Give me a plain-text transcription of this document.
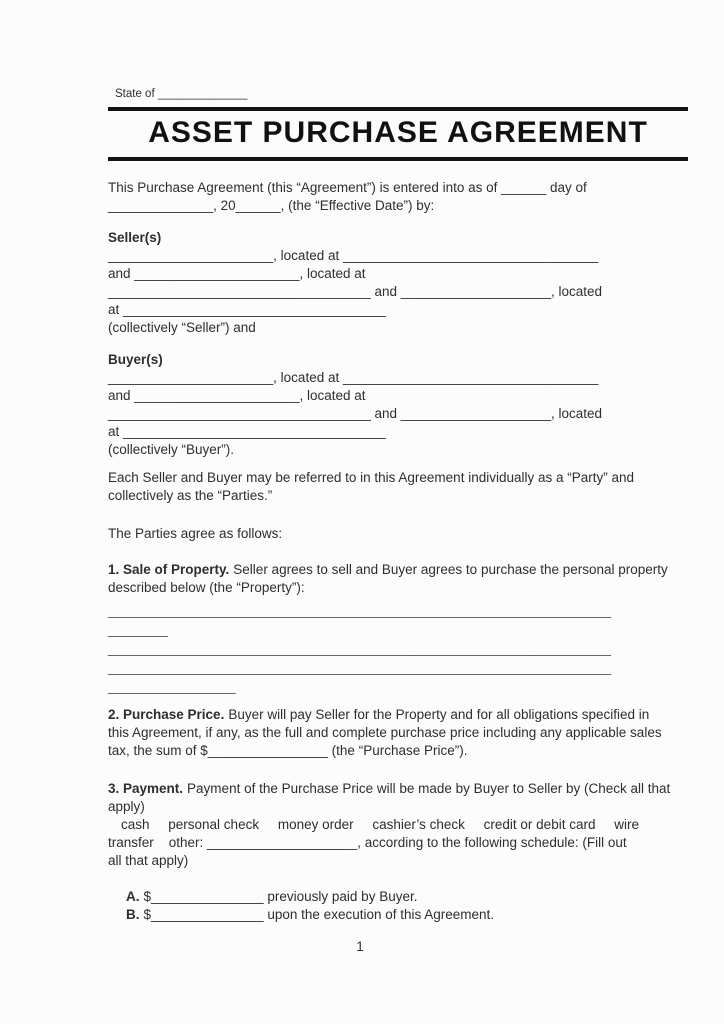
State of ______________
ASSET PURCHASE AGREEMENT
This Purchase Agreement (this “Agreement”) is entered into as of ______ day of
______________, 20______, (the “Effective Date”) by:
Seller(s)
______________________, located at __________________________________
and ______________________, located at
___________________________________ and ____________________, located
at ___________________________________
(collectively “Seller”) and
Buyer(s)
______________________, located at __________________________________
and ______________________, located at
___________________________________ and ____________________, located
at ___________________________________
(collectively “Buyer”).
Each Seller and Buyer may be referred to in this Agreement individually as a “Party” and
collectively as the “Parties.”
The Parties agree as follows:
1. Sale of Property. Seller agrees to sell and Buyer agrees to purchase the personal property
described below (the “Property”):
___________________________________________________________________
________
___________________________________________________________________
___________________________________________________________________
_________________
2. Purchase Price. Buyer will pay Seller for the Property and for all obligations specified in
this Agreement, if any, as the full and complete purchase price including any applicable sales
tax, the sum of $________________ (the “Purchase Price”).
3. Payment. Payment of the Purchase Price will be made by Buyer to Seller by (Check all that
apply)
cash     personal check     money order     cashier’s check     credit or debit card     wire
transfer    other: ____________________, according to the following schedule: (Fill out
all that apply)
A. $_______________ previously paid by Buyer.
B. $_______________ upon the execution of this Agreement.
1
